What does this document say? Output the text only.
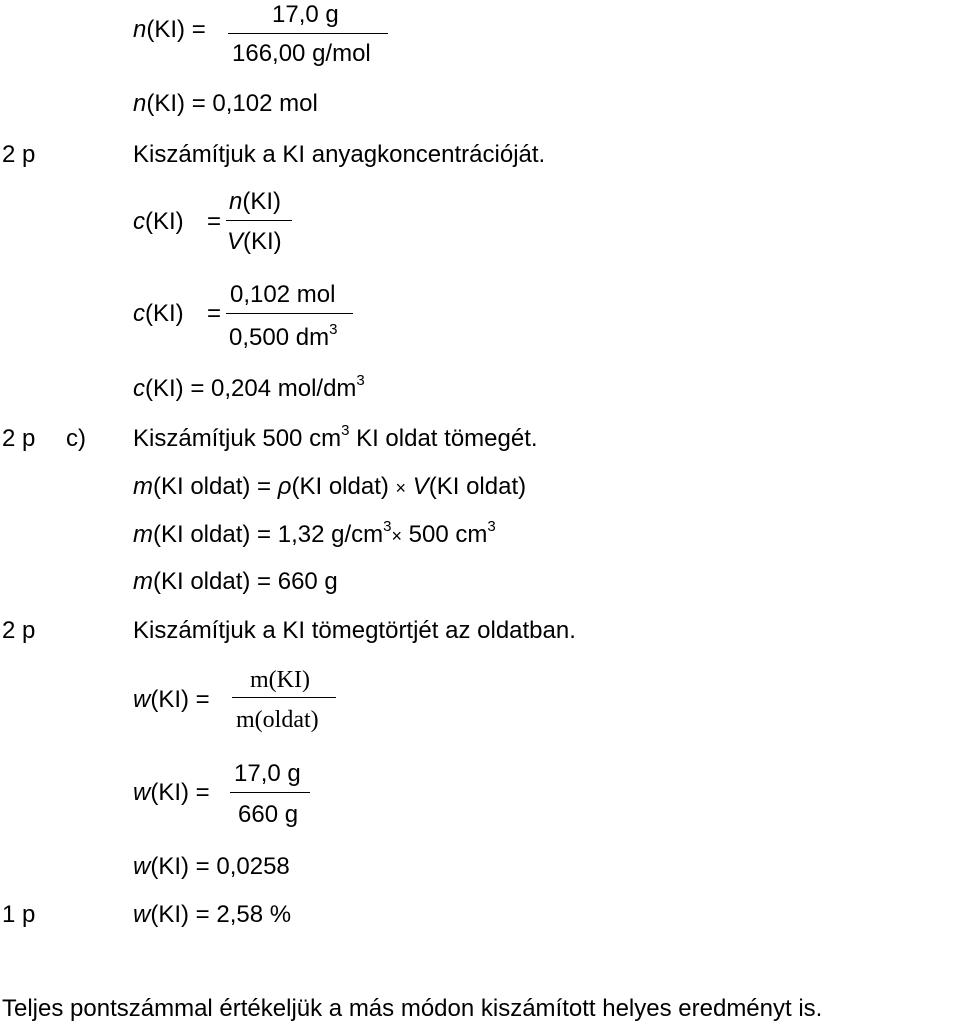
n(KI) =
17,0 g
166,00 g/mol
n(KI) = 0,102 mol
2 p	Kiszámítjuk a KI anyagkoncentrációját.
c(KI) =
n(KI)
V(KI)
c(KI) =
0,102 mol
0,500 $dm^3$
c(KI) = 0,204 mol/$dm^3$
2 p c) Kiszámítjuk 500 $cm^3$ KI oldat tömegét.
m(KI oldat) = ρ(KI oldat) × V(KI oldat)
m(KI oldat) = 1,32 $g/cm^3\times 500$ $cm^3$
m(KI oldat) = 660 g
2 p	Kiszámítjuk a KI tömegtörtjét az oldatban.
w(KI) =
m(KI)
m(oldat)
w(KI) =
17,0 g
660 g
w(KI) = 0,0258
1 p	w(KI) = 2,58 %
Teljes pontszámmal értékeljük a más módon kiszámított helyes eredményt is.
